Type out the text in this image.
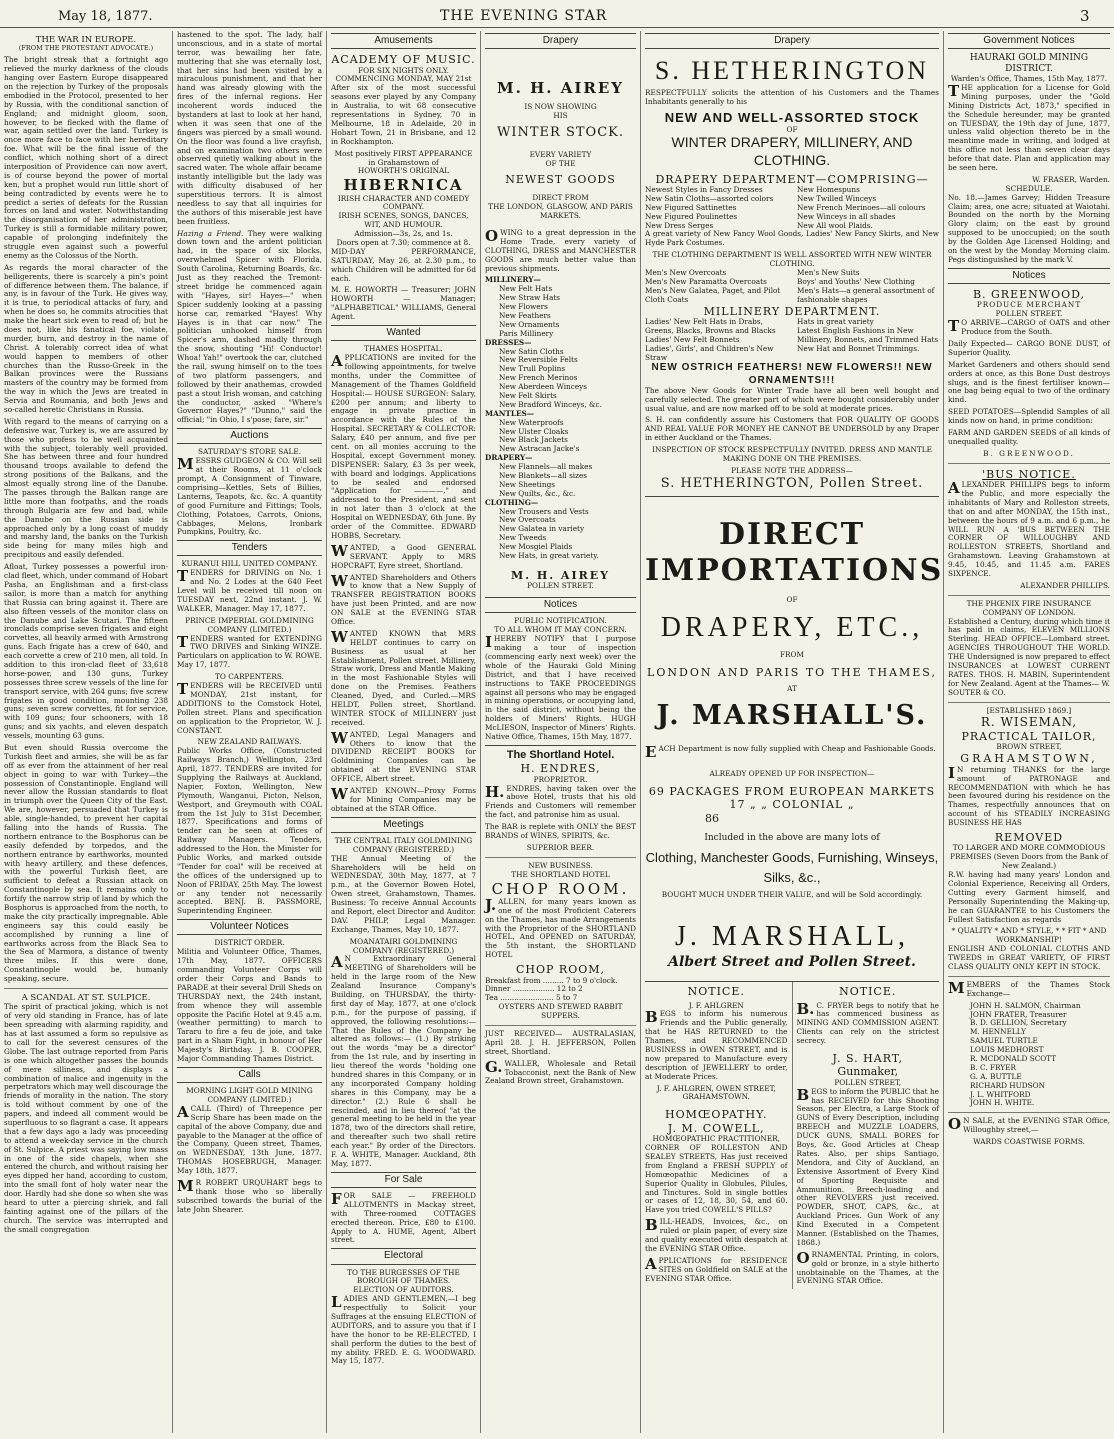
May 18, 1877.	THE EVENING STAR	3
THE WAR IN EUROPE.
(FROM THE PROTESTANT ADVOCATE.)

The bright streak that a fortnight ago relieved the murky darkness of the clouds hanging over Eastern Europe disappeared on the rejection by Turkey of the proposals embodied in the Protocol, presented to her by Russia, with the conditional sanction of England; and midnight gloom, soon, however, to be flecked with the flame of war, again settled over the land. Turkey is once more face to face with her hereditary foe. What will be the final issue of the conflict, which nothing short of a direct interposition of Providence can now avert, is of course beyond the power of mortal ken, but a prophet would run little short of being contradicted by events were he to predict a series of defeats for the Russian forces on land and water. Notwithstanding the disorganisation of her administration, Turkey is still a formidable military power, capable of prolonging indefinitely the struggle even against such a powerful enemy as the Colossus of the North.

As regards the moral character of the belligerents, there is scarcely a pin's point of difference between them. The balance, if any, is in favour of the Turk. He gives way, it is true, to periodical attacks of fury, and when he does so, he commits atrocities that make the heart sick even to read of; but he does not, like his fanatical foe, violate, murder, burn, and destroy in the name of Christ. A tolerably correct idea of what would happen to members of other churches than the Russo-Greek in the Balkan provinces were the Russians masters of the country may be formed from the way in which the Jews are treated in Servia and Roumania, and both Jews and so-called heretic Christians in Russia.

With regard to the means of carrying on a defensive war, Turkey is, we are assured by those who profess to be well acquainted with the subject, tolerably well provided. She has between three and four hundred thousand troops available to defend the strong positions of the Balkans, and the almost equally strong line of the Danube. The passes through the Balkan range are little more than footpaths, and the roads through Bulgaria are few and bad, while the Danube on the Russian side is approached only by a long coast of muddy and marshy land, the banks on the Turkish side being for many miles high and precipitous and easily defended.

Afloat, Turkey possesses a powerful iron-clad fleet, which, under command of Hobart Pasha, an Englishman and a first-class sailor, is more than a match for anything that Russia can bring against it. There are also fifteen vessels of the monitor class on the Danube and Lake Scutari. The fifteen ironclads comprise seven frigates and eight corvettes, all heavily armed with Armstrong guns. Each frigate has a crew of 640, and each corvette a crew of 210 men, all told. In addition to this iron-clad fleet of 33,618 horse-power, and 130 guns, Turkey possesses three screw vessels of the line for transport service, with 264 guns; five screw frigates in good condition, mounting 238 guns; seven screw corvettes, fit for service, with 109 guns; four schooners, with 18 guns; and six yachts, and eleven despatch vessels, mounting 63 guns.

But even should Russia overcome the Turkish fleet and armies, she will be as far off as ever from the attainment of her real object in going to war with Turkey—the possession of Constantinople. England will never allow the Russian standards to float in triumph over the Queen City of the East. We are, however, persuaded that Turkey is able, single-handed, to prevent her capital falling into the hands of Russia. The northern entrance to the Bosphorus can be easily defended by torpedos, and the northern entrance by earthworks, mounted with heavy artillery, and these defences, with the powerful Turkish fleet, are sufficient to defeat a Russian attack on Constantinople by sea. It remains only to fortify the narrow strip of land by which the Bosphorus is approached from the north, to make the city practically impregnable. Able engineers say this could easily be accomplished by running a line of earthworks across from the Black Sea to the Sea of Marmora, a distance of twenty three miles. If this were done, Constantinople would be, humanly speaking, secure.

A SCANDAL AT ST. SULPICE.

The spirit of practical joking, which is not of very old standing in France, has of late been spreading with alarming rapidity, and has at last assumed a form so repulsive as to call for the severest censures of the Globe. The last outrage reported from Paris is one which altogether passes the bounds of mere silliness, and displays a combination of malice and ingenuity in the perpetrators which may well discourage the friends of morality in the nation. The story is told without comment by one of the papers, and indeed all comment would be superfluous to so flagrant a case. It appears that a few days ago a lady was proceeding to attend a week-day service in the church of St. Sulpice. A priest was saying low mass in one of the side chapels, when she entered the church, and without raising her eyes dipped her hand, according to custom, into the small font of holy water near the door. Hardly had she done so when she was heard to utter a piercing shriek, and fall fainting against one of the pillars of the church. The service was interrupted and the small congregation

hastened to the spot. The lady, half unconscious, and in a state of mortal terror, was bewailing her fate, muttering that she was eternally lost, that her sins had been visited by a miraculous punishment, and that her hand was already glowing with the fires of the infernal regions. Her incoherent words induced the bystanders at last to look at her hand, when it was seen that one of the fingers was pierced by a small wound. On the floor was found a live crayfish, and on examination two others were observed quietly walking about in the sacred water. The whole affair became instantly intelligible but the lady was with difficulty disabused of her superstitious terrors. It is almost needless to say that all inquiries for the authors of this miserable jest have been fruitless.

Hazing a Friend. They were walking down town and the ardent politician had, in the space of six blocks, overwhelmed Spicer with Florida, South Carolina, Returning Boards, &c. Just as they reached the Tremont-street bridge he commenced again with "Hayes, sir! Hayes—" when Spicer suddenly looking at a passing horse car, remarked "Hayes! Why Hayes is in that car now." The politician unhooked himself from Spicer's arm, dashed madly through the snow, shouting "Hi! Conductor! Whoa! Yah!" overtook the car, clutched the rail, swung himself on to the toes of two platform passengers, and followed by their anathemas, crowded past a stout Irish woman, and catching the conductor, asked "Where's Governor Hayes?" "Dunno," said the official; "in Ohio, I s'pose; fare, sir."

Auctions
SATURDAY'S STORE SALE.

MESSRS GUDGEON & CO. Will sell at their Rooms, at 11 o'clock prompt, A Consignment of Tinware, comprising—Kettles, Sets of Billies, Lanterns, Teapots, &c. &c. A quantity of good Furniture and Fittings; Tools, Clothing, Potatoes, Carrots, Onions, Cabbages, Melons, Ironbark Pumpkins, Poultry, &c.

Tenders
KURANUI HILL UNITED COMPANY.

TENDERS for DRIVING on No. 1 and No. 2 Lodes at the 640 Feet Level will be received till noon on TUESDAY next, 22nd instant. J. W. WALKER, Manager. May 17, 1877.

PRINCE IMPERIAL GOLDMINING COMPANY (LIMITED.)

TENDERS wanted for EXTENDING TWO DRIVES and Sinking WINZE. Particulars on application to W. ROWE. May 17, 1877.

TO CARPENTERS.

TENDERS will be RECEIVED until MONDAY, 21st instant, for ADDITIONS to the Comstock Hotel, Pollen street. Plans and specification on application to the Proprietor, W. J. CONSTANT.

NEW ZEALAND RAILWAYS.

Public Works Office, (Constructed Railways Branch,) Wellington, 23rd April, 1877. TENDERS are invited for Supplying the Railways at Auckland, Napier, Foxton, Wellington, New Plymouth, Wanganui, Picton, Nelson, Westport, and Greymouth with COAL from the 1st July to 31st December, 1877. Specifications and forms of tender can be seen at offices of Railway Managers. Tenders, addressed to the Hon. the Minister for Public Works, and marked outside "Tender for coal" will be received at the offices of the undersigned up to Noon of FRIDAY, 25th May. The lowest or any tender not necessarily accepted. BENJ. B. PASSMORE, Superintending Engineer.

Volunteer Notices
DISTRICT ORDER.

Militia and Volunteer Office, Thames, 17th May, 1877. OFFICERS commanding Volunteer Corps will order their Corps and Bands to PARADE at their several Drill Sheds on THURSDAY next, the 24th instant, from whence they will assemble opposite the Pacific Hotel at 9.45 a.m. (weather permitting) to march to Tararu to fire a feu de joie, and take part in a Sham Fight, in honour of Her Majesty's Birthday. J. B. COOPER, Major Commanding Thames District.

Calls
MORNING LIGHT GOLD MINING COMPANY (LIMITED.)

ACALL (Third) of Threepence per Scrip Share has been made on the capital of the above Company, due and payable to the Manager at the office of the Company, Queen street, Thames, on WEDNESDAY, 13th June, 1877. THOMAS HOSEBRUGH, Manager. May 18th, 1877.

MR ROBERT URQUHART begs to thank those who so liberally subscribed towards the burial of the late John Shearer.

Amusements
ACADEMY OF MUSIC.
FOR SIX NIGHTS ONLY.
COMMENCING MONDAY, MAY 21st

After six of the most successful seasons ever played by any Company in Australia, to wit 68 consecutive representations in Sydney, 70 in Melbourne, 18 in Adelaide, 20 in Hobart Town, 21 in Brisbane, and 12 in Rockhampton.

Most positively FIRST APPEARANCE in Grahamstown of
HOWORTH'S ORIGINAL
HIBERNICA
IRISH CHARACTER AND COMEDY COMPANY.
IRISH SCENES, SONGS, DANCES, WIT, AND HUMOUR.
Admission—3s, 2s, and 1s.
Doors open at 7.30; commence at 8.

MID-DAY PERFORMANCE, SATURDAY, May 26, at 2.30 p.m., to which Children will be admitted for 6d each.

M. E. HOWORTH — Treasurer; JOHN HOWORTH — Manager; "ALPHABETICAL" WILLIAMS, General Agent.

Wanted
THAMES HOSPITAL.

APPLICATIONS are invited for the following appointments, for twelve months, under the Committee of Management of the Thames Goldfield Hospital:— HOUSE SURGEON: Salary, £200 per annum; and liberty to engage in private practice in accordance with the Rules of the Hospital. SECRETARY & COLLECTOR: Salary, £40 per annum, and five per cent. on all monies accruing to the Hospital, except Government money. DISPENSER: Salary, £3 3s per week, with board and lodgings. Applications to be sealed and endorsed "Application for ————," and addressed to the President, and sent in not later than 3 o'clock at the Hospital on WEDNESDAY, 6th June. By order of the Committee. EDWARD HOBBS, Secretary.

WANTED, a Good GENERAL SERVANT. Apply to MRS HOPCRAFT, Eyre street, Shortland.

WANTED Shareholders and Others to know that a New Supply of TRANSFER REGISTRATION BOOKS have just been Printed, and are now ON SALE at the EVENING STAR Office.

WANTED KNOWN that MRS HELDT continues to carry on Business as usual at her Establishment, Pollen street. Millinery, Straw work, Dress and Mantle Making in the most Fashionable Styles will done on the Premises. Feathers Cleaned, Dyed, and Curled.—MRS HELDT, Pollen street, Shortland. WINTER STOCK of MILLINERY just received.

WANTED, Legal Managers and Others to know that the DIVIDEND RECEIPT BOOKS for Goldmining Companies can be obtained at the EVENING STAR OFFICE, Albert street.

WANTED KNOWN—Proxy Forms for Mining Companies may be obtained at the STAR Office.

Meetings
THE CENTRAL ITALY GOLDMINING COMPANY (REGISTERED.)

THE Annual Meeting of the Shareholders will be held on WEDNESDAY, 30th May, 1877, at 7 p.m., at the Governor Bowen Hotel, Owen street, Grahamstown, Thames. Business: To receive Annual Accounts and Report, elect Director and Auditor. DAV. PHILP, Legal Manager. Exchange, Thames, May 10, 1877.

MOANATAIRI GOLDMINING COMPANY (REGISTERED.)

AN Extraordinary General MEETING of Shareholders will be held in the large room of the New Zealand Insurance Company's Building, on THURSDAY, the thirty-first day of May, 1877, at one o'clock p.m., for the purpose of passing, if approved, the following resolutions:— That the Rules of the Company be altered as follows:— (1.) By striking out the words "may be a director" from the 1st rule, and by inserting in lieu thereof the words "holding one hundred shares in this Company, or in any incorporated Company holding shares in this Company, may be a director." (2.) Rule 6 shall be rescinded, and in lieu thereof "at the general meeting to be held in the year 1878, two of the directors shall retire, and thereafter such two shall retire each year." By order of the Directors. F. A. WHITE, Manager. Auckland, 8th May, 1877.

For Sale

FOR SALE — FREEHOLD ALLOTMENTS in Mackay street, with Three-roomed COTTAGES erected thereon. Price, £80 to £100. Apply to A. HUME, Agent, Albert street.

Electoral
TO THE BURGESSES OF THE BOROUGH OF THAMES.
ELECTION OF AUDITORS.

LADIES AND GENTLEMEN,—I beg respectfully to Solicit your Suffrages at the ensuing ELECTION of AUDITORS, and to assure you that if I have the honor to be RE-ELECTED, I shall perform the duties to the best of my ability. FRED. E. G. WOODWARD. May 15, 1877.

Drapery
M. H. AIREY
IS NOW SHOWING
HIS
WINTER STOCK.
EVERY VARIETY
OF THE
NEWEST GOODS
DIRECT FROM
THE LONDON, GLASGOW, AND PARIS MARKETS.

OWING to a great depression in the Home Trade, every variety of CLOTHING, DRESS and MANCHESTER GOODS are much better value than previous shipments.

MILLINERY—
New Felt Hats
New Straw Hats
New Flowers
New Feathers
New Ornaments
Paris Millinery
DRESSES—
New Satin Cloths
New Reversible Felts
New Trull Poplins
New French Merinos
New Aberdeen Winceys
New Felt Skirts
New Bradford Winceys, &c.
MANTLES—
New Waterproofs
New Ulster Cloaks
New Black Jackets
New Astracan Jacke's
DRAPERY—
New Flannels—all makes
New Blankets—all sizes
New Sheetings
New Quilts, &c., &c.
CLOTHING—
New Trousers and Vests
New Overcoats
New Galatea in variety
New Tweeds
New Mosgiel Plaids
New Hats, in great variety.
M. H. AIREY
POLLEN STREET.
Notices
PUBLIC NOTIFICATION.
TO ALL WHOM IT MAY CONCERN.

IHEREBY NOTIFY that I purpose making a tour of inspection (commencing early next week) over the whole of the Hauraki Gold Mining District, and that I have received instructions to TAKE PROCEEDINGS against all persons who may be engaged in mining operations, or occupying land, in the said district, without being the holders of Miners' Rights. HUGH McLIESON, Inspector of Miners' Rights. Native Office, Thames, 15th May, 1877.

The Shortland Hotel.
H. ENDRES,
PROPRIETOR.

H.ENDRES, having taken over the above Hotel, trusts that his old Friends and Customers will remember the fact, and patronise him as usual.

The BAR is replete with ONLY the BEST BRANDS of WINES, SPIRITS, &c.

SUPERIOR BEER.
NEW BUSINESS.
THE SHORTLAND HOTEL
CHOP ROOM.

J.ALLEN, for many years known as one of the most Proficient Caterers on the Thames, has made Arrangements with the Proprietor of the SHORTLAND HOTEL, And OPENED on SATURDAY, the 5th instant, the SHORTLAND HOTEL

CHOP ROOM,
Breakfast from ......... 7 to 9 o'clock.
Dinner .................. 12 to 2
Tea ....................... 5 to 7
OYSTERS AND STEWED RABBIT SUPPERS.

JUST RECEIVED— AUSTRALASIAN, April 28. J. H. JEFFERSON, Pollen street, Shortland.

G.WALLER, Wholesale and Retail Tobacconist, next the Bank of New Zealand Brown street, Grahamstown.

Drapery
S. HETHERINGTON

RESPECTFULLY solicits the attention of his Customers and the Thames Inhabitants generally to his

NEW AND WELL-ASSORTED STOCK
OF
WINTER DRAPERY, MILLINERY, AND CLOTHING.
DRAPERY DEPARTMENT—COMPRISING—
Newest Styles in Fancy Dresses
New Satin Cloths—assorted colors
New Figured Sattinettes
New Figured Poulinettes
New Dress Serges
New Homespuns
New Twilled Winceys
New French Merinoes—all colours
New Winceys in all shades
New All wool Plaids.

A great variety of New Fancy Wool Goods, Ladies' New Fancy Skirts, and New Hyde Park Costumes.

THE CLOTHING DEPARTMENT IS WELL ASSORTED WITH NEW WINTER CLOTHING.
Men's New Overcoats
Men's New Paramatta Overcoats
Men's New Galatea, Paget, and Pilot Cloth Coats
Men's New Suits
Boys' and Youths' New Clothing
Men's Hats—a general assortment of fashionable shapes
MILLINERY DEPARTMENT.
Ladies' New Felt Hats in Drabs, Greens, Blacks, Browns and Blacks
Ladies' New Felt Bonnets
Ladies', Girls', and Children's New Straw
Hats in great variety
Latest English Fashions in New Millinery, Bonnets, and Trimmed Hats
New Hat and Bonnet Trimmings.
NEW OSTRICH FEATHERS! NEW FLOWERS!! NEW ORNAMENTS!!!

The above New Goods for Winter Trade have all been well bought and carefully selected. The greater part of which were bought considerably under usual value, and are now marked off to be sold at moderate prices.

S. H. can confidently assure his Customers that FOR QUALITY OF GOODS AND REAL VALUE FOR MONEY HE CANNOT BE UNDERSOLD by any Draper in either Auckland or the Thames.

INSPECTION OF STOCK RESPECTFULLY INVITED. DRESS AND MANTLE MAKING DONE ON THE PREMISES.
PLEASE NOTE THE ADDRESS—
S. HETHERINGTON, Pollen Street.
DIRECT IMPORTATIONS
OF
DRAPERY, ETC.,
FROM
LONDON AND PARIS TO THE THAMES,
AT
J. MARSHALL'S.

EACH Department is now fully supplied with Cheap and Fashionable Goods.

ALREADY OPENED UP FOR INSPECTION—
69 PACKAGES FROM EUROPEAN MARKETS
17 „ „ COLONIAL „
86
Included in the above are many lots of
Clothing, Manchester Goods, Furnishing, Winseys, Silks, &c.,
BOUGHT MUCH UNDER THEIR VALUE, and will be Sold accordingly.
J. MARSHALL,
Albert Street and Pollen Street.
NOTICE.
J. F. AHLGREN

BEGS to inform his numerous Friends and the Public generally, that he HAS RETURNED to the Thames, and RECOMMENCED BUSINESS in OWEN STREET, and is now prepared to Manufacture every description of JEWELLERY to order, at Moderate Prices.

J. F. AHLGREN, OWEN STREET, GRAHAMSTOWN.
HOMŒOPATHY.
J. M. COWELL,
HOMŒOPATHIC PRACTITIONER,

CORNER OF ROLLESTON AND SEALEY STREETS, Has just received from England a FRESH SUPPLY of Homœopathic Medicines of a Superior Quality in Globules, Pilules, and Tinctures. Sold in single bottles or cases of 12, 18, 30, 54, and 60. Have you tried COWELL'S PILLS?

BILL-HEADS, Invoices, &c., on ruled or plain paper, of every size and quality executed with despatch at the EVENING STAR Office.

APPLICATIONS for RESIDENCE SITES on Goldfield on SALE at the EVENING STAR Office.

NOTICE.

B.C. FRYER begs to notify that he has commenced business as MINING AND COMMISSION AGENT. Clients can rely on the strictest secrecy.

J. S. HART,
Gunmaker,
POLLEN STREET,

BEGS to inform the PUBLIC that he has RECEIVED for this Shooting Season, per Electra, a Large Stock of GUNS of Every Description, including BREECH and MUZZLE LOADERS, DUCK GUNS, SMALL BORES for Boys, &c. Good Articles at Cheap Rates. Also, per ships Santiago, Mendora, and City of Auckland, an Extensive Assortment of Every Kind of Sporting Requisite and Ammunition. Breech-loading and other REVOLVERS just received. POWDER, SHOT, CAPS, &c., at Auckland Prices. Gun Work of any Kind Executed in a Competent Manner. (Established on the Thames, 1868.)

ORNAMENTAL Printing, in colors, gold or bronze, in a style hitherto unobtainable on the Thames, at the EVENING STAR Office.

Government Notices
HAURAKI GOLD MINING DISTRICT.
Warden's Office, Thames, 15th May, 1877.

THE application for a License for Gold Mining purposes, under the "Gold Mining Districts Act, 1873," specified in the Schedule hereunder, may be granted on TUESDAY, the 19th day of June, 1877, unless valid objection thereto be in the meantime made in writing, and lodged at this office not less than seven clear days before that date. Plan and application may be seen here.

W. FRASER, Warden.
SCHEDULE.

No. 18.—James Garvey; Hidden Treasure Claim; area, one acre; situated at Waiotahi. Bounded on the north by the Morning Glory claim; on the east by ground supposed to be unoccupied; on the south by the Golden Age Licensed Holding; and on the west by the Monday Morning claim. Pegs distinguished by the mark V.

Notices
B. GREENWOOD,
PRODUCE MERCHANT
POLLEN STREET.

TO ARRIVE—CARGO of OATS and other Produce from the South.

Daily Expected— CARGO BONE DUST, of Superior Quality.

Market Gardeners and others should send orders at once, as this Bone Dust destroys slugs, and is the finest fertiliser known—one bag being equal to two of the ordinary kind.

SEED POTATOES—Splendid Samples of all kinds now on hand, in prime condition:

FARM AND GARDEN SEEDS of all kinds of unequalled quality.

B. GREENWOOD.
'BUS NOTICE.

ALEXANDER PHILLIPS begs to inform the Public, and more especially the inhabitants of Mary and Rolleston streets, that on and after MONDAY, the 15th inst., between the hours of 9 a.m. and 6 p.m., he WILL RUN A 'BUS BETWEEN THE CORNER OF WILLOUGHBY AND ROLLESTON STREETS, Shortland and Grahamstown. Leaving Grahamstown at 9.45, 10.45, and 11.45 a.m. FARES SIXPENCE.

ALEXANDER PHILLIPS.
THE PHŒNIX FIRE INSURANCE COMPANY OF LONDON.

Established a Century, during which time it has paid in claims, ELEVEN MILLIONS Sterling. HEAD OFFICE—Lombard street. AGENCIES THROUGHOUT THE WORLD. THE Undersigned is now prepared to effect INSURANCES at LOWEST CURRENT RATES. THOS. H. MABIN, Superintendent for New Zealand. Agent at the Thames— W. SOUTER & CO.

[ESTABLISHED 1869.]
R. WISEMAN,
PRACTICAL TAILOR,
BROWN STREET,
GRAHAMSTOWN,

IN returning THANKS for the large amount of PATRONAGE and RECOMMENDATION with which he has been favoured during his residence on the Thames, respectfully announces that on account of his STEADILY INCREASING BUSINESS HE HAS

REMOVED
TO LARGER AND MORE COMMODIOUS PREMISES (Seven Doors from the Bank of New Zealand.)

R.W. having had many years' London and Colonial Experience, Receiving all Orders, Cutting every Garment himself, and Personally Superintending the Making-up, he can GUARANTEE to his Customers the Fullest Satisfaction as regards

* QUALITY * AND * STYLE, * * FIT * AND WORKMANSHIP!

ENGLISH AND COLONIAL CLOTHS AND TWEEDS in GREAT VARIETY, OF FIRST CLASS QUALITY ONLY KEPT IN STOCK.

MEMBERS of the Thames Stock Exchange—

JOHN H. SALMON, Chairman
JOHN FRATER, Treasurer
B. D. GELLION, Secretary
M. HENNELLY
SAMUEL TURTLE
LOUIS MEDHORST
R. MCDONALD SCOTT
B. C. FRYER
G. A. BUTTLE
RICHARD HUDSON
J. L. WHITFORD
JOHN H. WHITE.

ON SALE, at the EVENING STAR Office, Willoughby street,—

WARDS COASTWISE FORMS.
